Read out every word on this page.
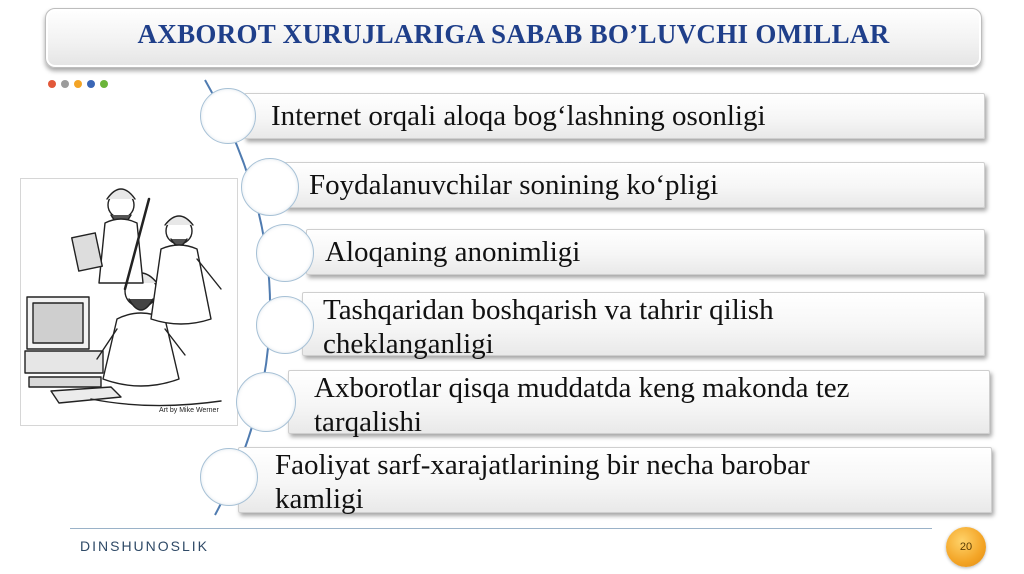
AXBOROT XURUJLARIGA SABAB BO’LUVCHI OMILLAR
Art by Mike Werner
Internet orqali aloqa bog‘lashning osonligi
Foydalanuvchilar sonining ko‘pligi
Aloqaning anonimligi
Tashqaridan boshqarish va tahrir qilish
cheklanganligi
Axborotlar qisqa muddatda keng makonda tez
tarqalishi
Faoliyat sarf-xarajatlarining bir necha barobar
kamligi
DINSHUNOSLIK	20
